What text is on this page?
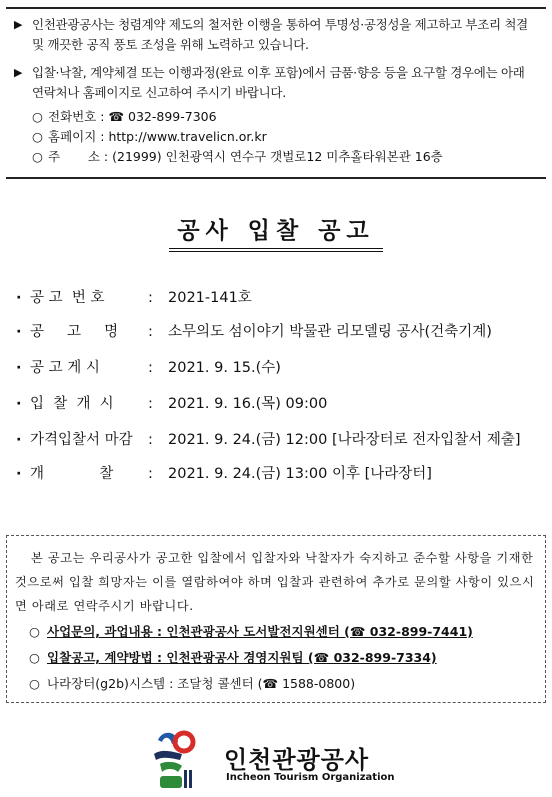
▶ 인천관광공사는 청렴계약 제도의 철저한 이행을 통하여 투명성·공정성을 제고하고 부조리 척결 및 깨끗한 공직 풍토 조성을 위해 노력하고 있습니다.
▶ 입찰·낙찰, 계약체결 또는 이행과정(완료 이후 포함)에서 금품·향응 등을 요구할 경우에는 아래 연락처나 홈페이지로 신고하여 주시기 바랍니다.
○ 전화번호 : ☎ 032-899-7306
○ 홈페이지 : http://www.travelicn.or.kr
○ 주       소 : (21999) 인천광역시 연수구 갯벌로12 미추홀타워본관 16층
공사 입찰 공고
· 공 고  번 호	: 2021-141호
· 공     고     명 : 소무의도 섬이야기 박물관 리모델링 공사(건축기계)
· 공 고 게 시	: 2021. 9. 15.(수)
· 입  찰  개  시 : 2021. 9. 16.(목) 09:00
· 가격입찰서 마감 : 2021. 9. 24.(금) 12:00 [나라장터로 전자입찰서 제출]
· 개            찰 : 2021. 9. 24.(금) 13:00 이후 [나라장터]
본 공고는 우리공사가 공고한 입찰에서 입찰자와 낙찰자가 숙지하고 준수할 사항을 기재한 것으로써 입찰 희망자는 이를 열람하여야 하며 입찰과 관련하여 추가로 문의할 사항이 있으시면 아래로 연락주시기 바랍니다.
○ 사업문의, 과업내용 : 인천관광공사 도서발전지원센터 (☎ 032-899-7441)
○ 입찰공고, 계약방법 : 인천관광공사 경영지원팀 (☎ 032-899-7334)
○ 나라장터(g2b)시스템 : 조달청 콜센터 (☎ 1588-0800)
인천관광공사
Incheon Tourism Organization
